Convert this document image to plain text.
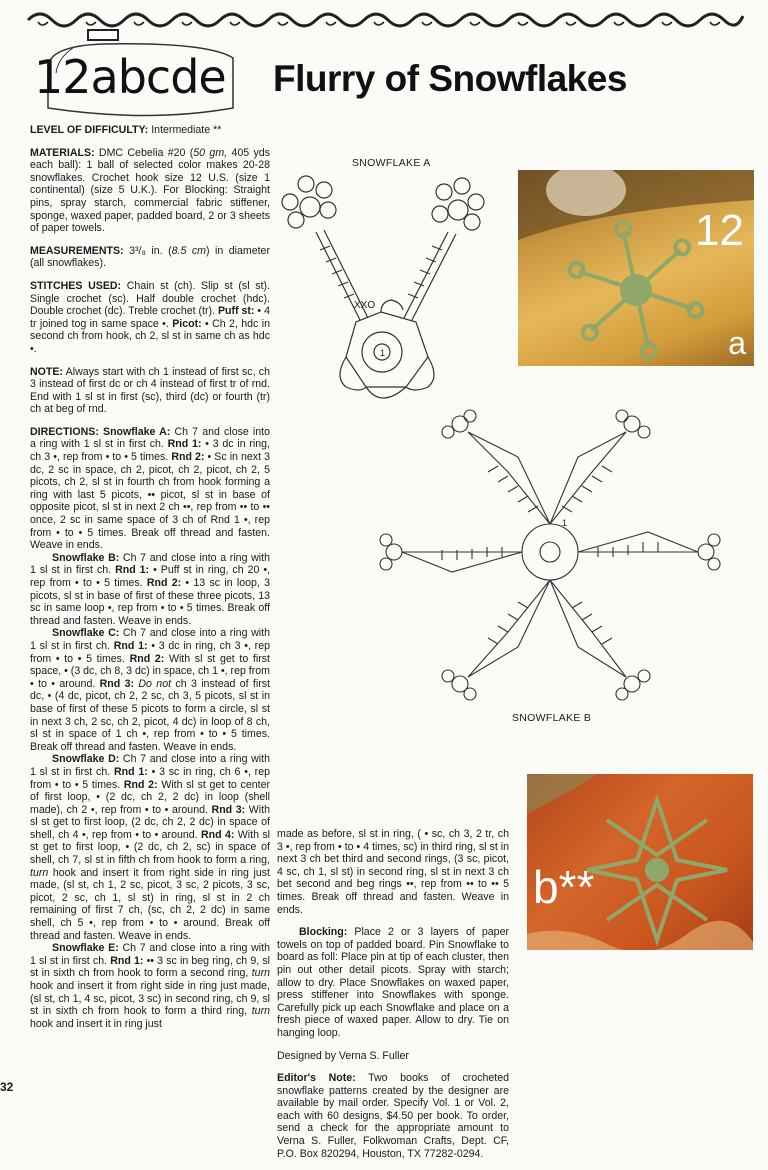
12abcde Flurry of Snowflakes

LEVEL OF DIFFICULTY: Intermediate **

MATERIALS: DMC Cebelia #20 (50 gm, 405 yds each ball): 1 ball of selected color makes 20-28 snowflakes. Crochet hook size 12 U.S. (size 1 continental) (size 5 U.K.). For Blocking: Straight pins, spray starch, commercial fabric stiffener, sponge, waxed paper, padded board, 2 or 3 sheets of paper towels.

MEASUREMENTS: 3³/₈ in. (8.5 cm) in diameter (all snowflakes).

STITCHES USED: Chain st (ch). Slip st (sl st). Single crochet (sc). Half double crochet (hdc). Double crochet (dc). Treble crochet (tr). Puff st: • 4 tr joined tog in same space •. Picot: • Ch 2, hdc in second ch from hook, ch 2, sl st in same ch as hdc •.

NOTE: Always start with ch 1 instead of first sc, ch 3 instead of first dc or ch 4 instead of first tr of rnd. End with 1 sl st in first (sc), third (dc) or fourth (tr) ch at beg of rnd.

DIRECTIONS: Snowflake A: Ch 7 and close into a ring with 1 sl st in first ch. Rnd 1: • 3 dc in ring, ch 3 •, rep from • to • 5 times. Rnd 2: • Sc in next 3 dc, 2 sc in space, ch 2, picot, ch 2, picot, ch 2, 5 picots, ch 2, sl st in fourth ch from hook forming a ring with last 5 picots, •• picot, sl st in base of opposite picot, sl st in next 2 ch ••, rep from •• to •• once, 2 sc in same space of 3 ch of Rnd 1 •, rep from • to • 5 times. Break off thread and fasten. Weave in ends.

Snowflake B: Ch 7 and close into a ring with 1 sl st in first ch. Rnd 1: • Puff st in ring, ch 20 •, rep from • to • 5 times. Rnd 2: • 13 sc in loop, 3 picots, sl st in base of first of these three picots, 13 sc in same loop •, rep from • to • 5 times. Break off thread and fasten. Weave in ends.

Snowflake C: Ch 7 and close into a ring with 1 sl st in first ch. Rnd 1: • 3 dc in ring, ch 3 •, rep from • to • 5 times. Rnd 2: With sl st get to first space, • (3 dc, ch 8, 3 dc) in space, ch 1 •, rep from • to • around. Rnd 3: Do not ch 3 instead of first dc, • (4 dc, picot, ch 2, 2 sc, ch 3, 5 picots, sl st in base of first of these 5 picots to form a circle, sl st in next 3 ch, 2 sc, ch 2, picot, 4 dc) in loop of 8 ch, sl st in space of 1 ch •, rep from • to • 5 times. Break off thread and fasten. Weave in ends.

Snowflake D: Ch 7 and close into a ring with 1 sl st in first ch. Rnd 1: • 3 sc in ring, ch 6 •, rep from • to • 5 times. Rnd 2: With sl st get to center of first loop, • (2 dc, ch 2, 2 dc) in loop (shell made), ch 2 •, rep from • to • around. Rnd 3: With sl st get to first loop, (2 dc, ch 2, 2 dc) in space of shell, ch 4 •, rep from • to • around. Rnd 4: With sl st get to first loop, • (2 dc, ch 2, sc) in space of shell, ch 7, sl st in fifth ch from hook to form a ring, turn hook and insert it from right side in ring just made, (sl st, ch 1, 2 sc, picot, 3 sc, 2 picots, 3 sc, picot, 2 sc, ch 1, sl st) in ring, sl st in 2 ch remaining of first 7 ch, (sc, ch 2, 2 dc) in same shell, ch 5 •, rep from • to • around. Break off thread and fasten. Weave in ends.

Snowflake E: Ch 7 and close into a ring with 1 sl st in first ch. Rnd 1: •• 3 sc in beg ring, ch 9, sl st in sixth ch from hook to form a second ring, turn hook and insert it from right side in ring just made, (sl st, ch 1, 4 sc, picot, 3 sc) in second ring, ch 9, sl st in sixth ch from hook to form a third ring, turn hook and insert it in ring just

made as before, sl st in ring, ( • sc, ch 3, 2 tr, ch 3 •, rep from • to • 4 times, sc) in third ring, sl st in next 3 ch bet third and second rings, (3 sc, picot, 4 sc, ch 1, sl st) in second ring, sl st in next 3 ch bet second and beg rings ••, rep from •• to •• 5 times. Break off thread and fasten. Weave in ends.

Blocking: Place 2 or 3 layers of paper towels on top of padded board. Pin Snowflake to board as foll: Place pin at tip of each cluster, then pin out other detail picots. Spray with starch; allow to dry. Place Snowflakes on waxed paper, press stiffener into Snowflakes with sponge. Carefully pick up each Snowflake and place on a fresh piece of waxed paper. Allow to dry. Tie on hanging loop.

Designed by Verna S. Fuller

Editor's Note: Two books of crocheted snowflake patterns created by the designer are available by mail order. Specify Vol. 1 or Vol. 2, each with 60 designs, $4.50 per book. To order, send a check for the appropriate amount to Verna S. Fuller, Folkwoman Crafts, Dept. CF, P.O. Box 820294, Houston, TX 77282-0294.

SNOWFLAKE A
XXO
1
1
SNOWFLAKE B
12
a
b**
32
